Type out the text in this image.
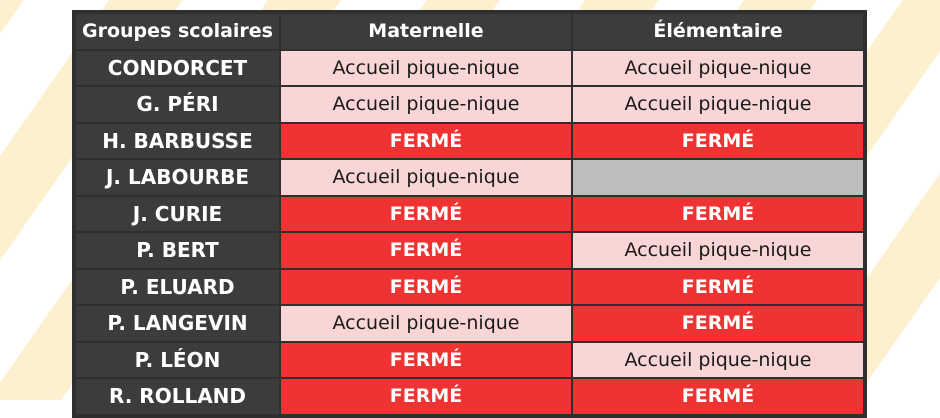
Groupes scolaires	Maternelle	Élémentaire
CONDORCET	Accueil pique-nique	Accueil pique-nique
G. PÉRI	Accueil pique-nique	Accueil pique-nique
H. BARBUSSE	FERMÉ	FERMÉ
J. LABOURBE	Accueil pique-nique	
J. CURIE	FERMÉ	FERMÉ
P. BERT	FERMÉ	Accueil pique-nique
P. ELUARD	FERMÉ	FERMÉ
P. LANGEVIN	Accueil pique-nique	FERMÉ
P. LÉON	FERMÉ	Accueil pique-nique
R. ROLLAND	FERMÉ	FERMÉ
